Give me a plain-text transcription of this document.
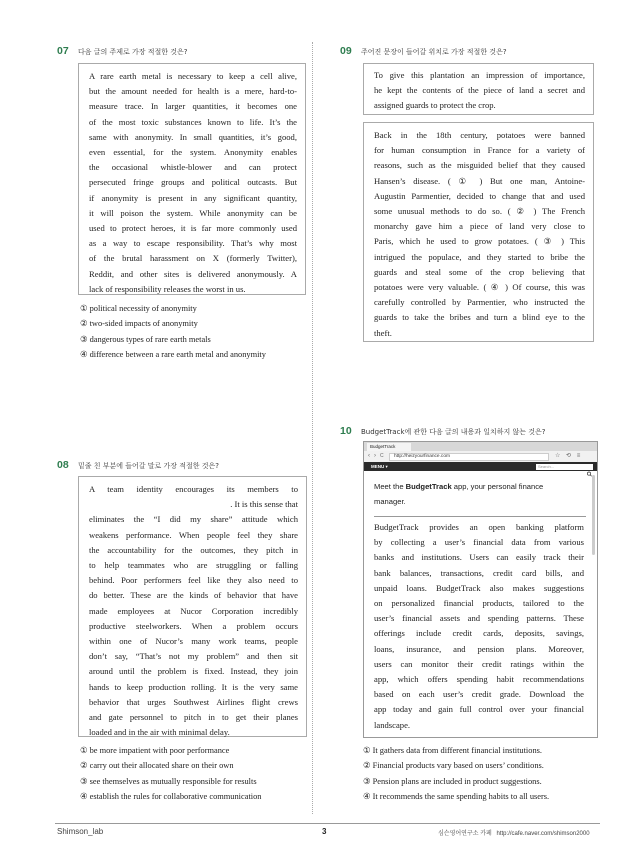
07 다음 글의 주제로 가장 적절한 것은?
A rare earth metal is necessary to keep a cell alive,
but the amount needed for health is a mere, hard-to-
measure trace. In larger quantities, it becomes one
of the most toxic substances known to life. It’s the
same with anonymity. In small quantities, it’s good,
even essential, for the system. Anonymity enables
the occasional whistle-blower and can protect
persecuted fringe groups and political outcasts. But
if anonymity is present in any significant quantity,
it will poison the system. While anonymity can be
used to protect heroes, it is far more commonly used
as a way to escape responsibility. That’s why most
of the brutal harassment on X (formerly Twitter),
Reddit, and other sites is delivered anonymously. A
lack of responsibility releases the worst in us.
① political necessity of anonymity
② two-sided impacts of anonymity
③ dangerous types of rare earth metals
④ difference between a rare earth metal and anonymity
08 밑줄 친 부분에 들어갈 말로 가장 적절한 것은?
A team identity encourages its members to
. It is this sense that
eliminates the “I did my share” attitude which
weakens performance. When people feel they share
the accountability for the outcomes, they pitch in
to help teammates who are struggling or falling
behind. Poor performers feel like they also need to
do better. These are the kinds of behavior that have
made employees at Nucor Corporation incredibly
productive steelworkers. When a problem occurs
within one of Nucor’s many work teams, people
don’t say, “That’s not my problem” and then sit
around until the problem is fixed. Instead, they join
hands to keep production rolling. It is the very same
behavior that urges Southwest Airlines flight crews
and gate personnel to pitch in to get their planes
loaded and in the air with minimal delay.
① be more impatient with poor performance
② carry out their allocated share on their own
③ see themselves as mutually responsible for results
④ establish the rules for collaborative communication
09 주어진 문장이 들어갈 위치로 가장 적절한 것은?
To give this plantation an impression of importance,
he kept the contents of the piece of land a secret and
assigned guards to protect the crop.
Back in the 18th century, potatoes were banned
for human consumption in France for a variety of
reasons, such as the misguided belief that they caused
Hansen’s disease. ( ① ) But one man, Antoine-
Augustin Parmentier, decided to change that and used
some unusual methods to do so. ( ② ) The French
monarchy gave him a piece of land very close to
Paris, which he used to grow potatoes. ( ③ ) This
intrigued the populace, and they started to bribe the
guards and steal some of the crop believing that
potatoes were very valuable. ( ④ ) Of course, this was
carefully controlled by Parmentier, who instructed the
guards to take the bribes and turn a blind eye to the
theft.
10 BudgetTrack에 관한 다음 글의 내용과 일치하지 않는 것은?
BudgetTrack
‹ › C	http://heizyourfinance.com	☆ ⟲ ≡
MENU ▾	Search...
Meet the BudgetTrack app, your personal finance
manager.
BudgetTrack provides an open banking platform
by collecting a user’s financial data from various
banks and institutions. Users can easily track their
bank balances, transactions, credit card bills, and
unpaid loans. BudgetTrack also makes suggestions
on personalized financial products, tailored to the
user’s financial assets and spending patterns. These
offerings include credit cards, deposits, savings,
loans, insurance, and pension plans. Moreover,
users can monitor their credit ratings within the
app, which offers spending habit recommendations
based on each user’s credit grade. Download the
app today and gain full control over your financial
landscape.
① It gathers data from different financial institutions.
② Financial products vary based on users’ conditions.
③ Pension plans are included in product suggestions.
④ It recommends the same spending habits to all users.
Shimson_lab	3	심슨영어연구소 카페 http://cafe.naver.com/shimson2000
